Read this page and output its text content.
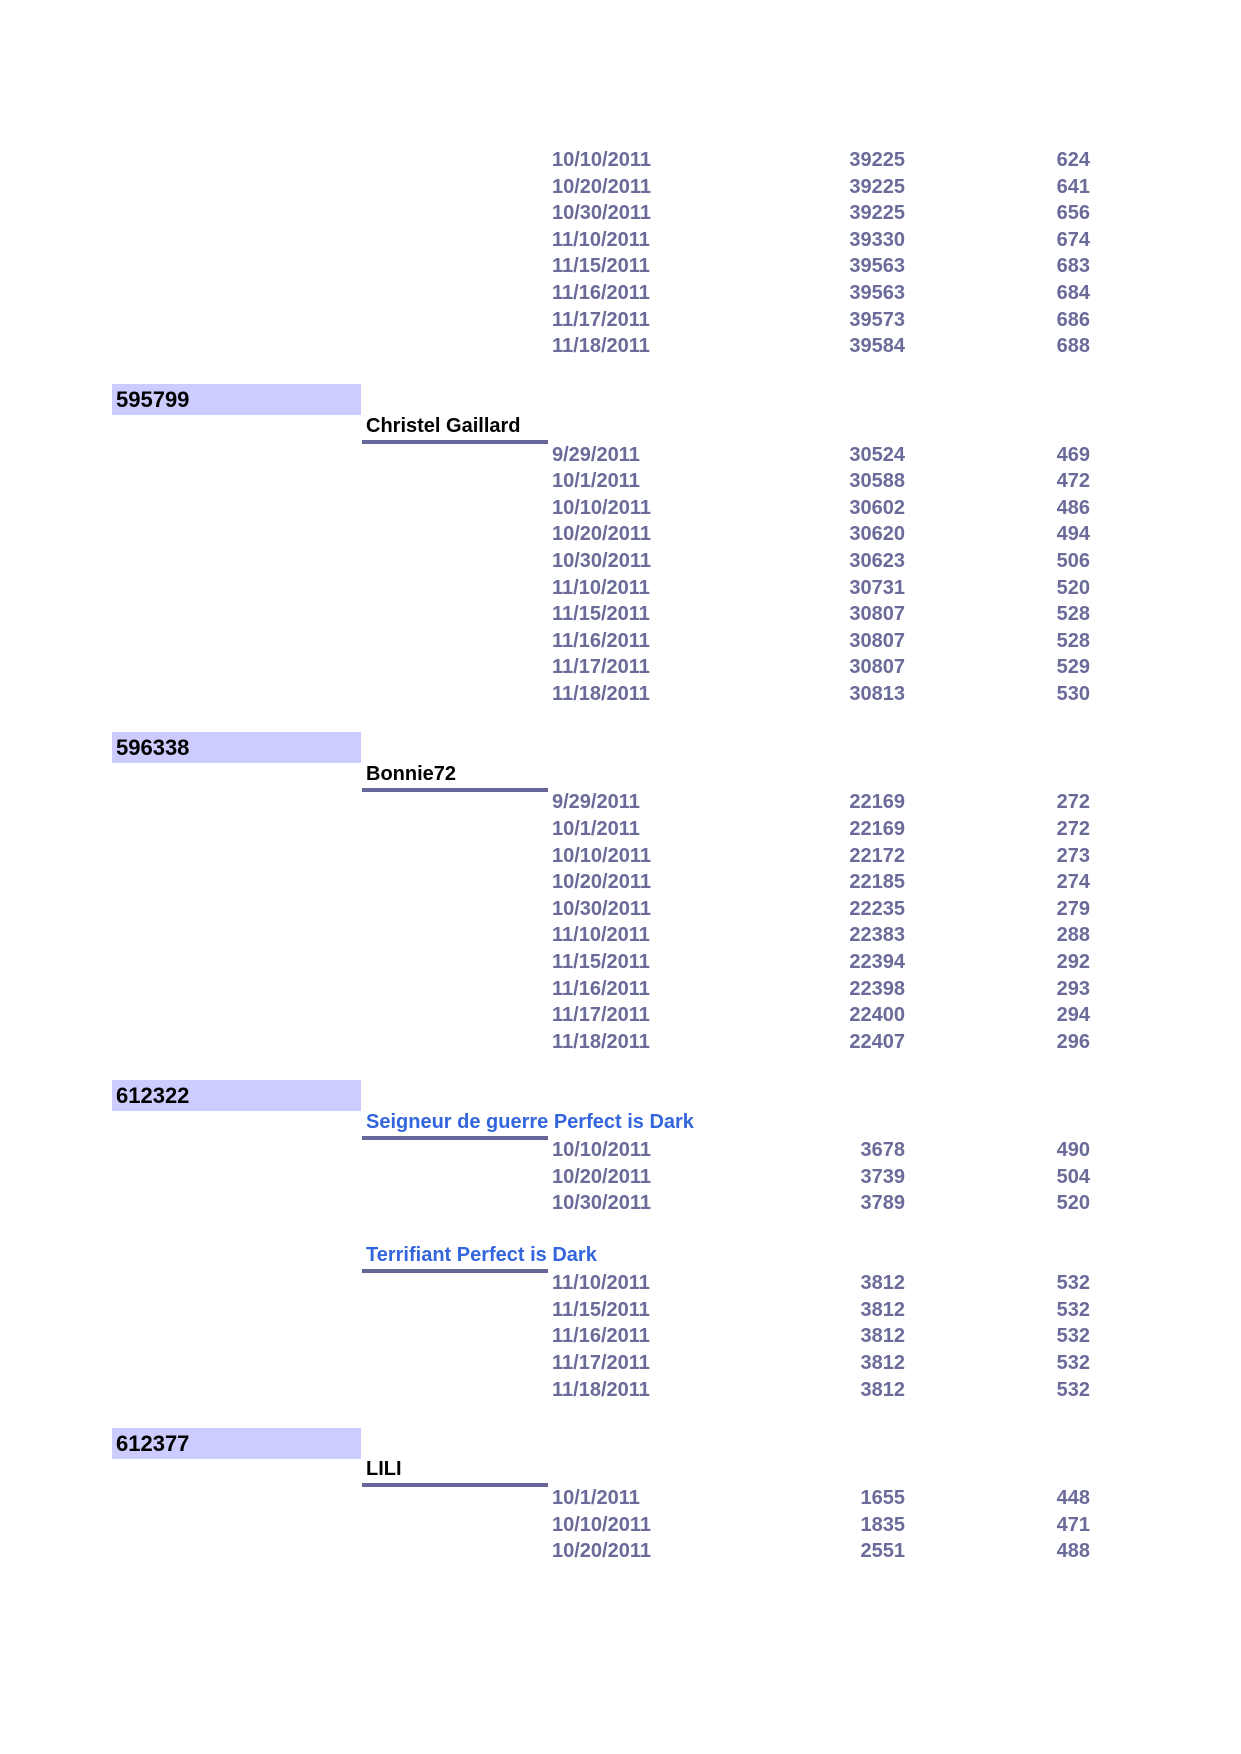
10/10/2011	39225	624
10/20/2011	39225	641
10/30/2011	39225	656
11/10/2011	39330	674
11/15/2011	39563	683
11/16/2011	39563	684
11/17/2011	39573	686
11/18/2011	39584	688
595799
Christel Gaillard
9/29/2011	30524	469
10/1/2011	30588	472
10/10/2011	30602	486
10/20/2011	30620	494
10/30/2011	30623	506
11/10/2011	30731	520
11/15/2011	30807	528
11/16/2011	30807	528
11/17/2011	30807	529
11/18/2011	30813	530
596338
Bonnie72
9/29/2011	22169	272
10/1/2011	22169	272
10/10/2011	22172	273
10/20/2011	22185	274
10/30/2011	22235	279
11/10/2011	22383	288
11/15/2011	22394	292
11/16/2011	22398	293
11/17/2011	22400	294
11/18/2011	22407	296
612322
Seigneur de guerre Perfect is Dark
10/10/2011	3678	490
10/20/2011	3739	504
10/30/2011	3789	520
Terrifiant Perfect is Dark
11/10/2011	3812	532
11/15/2011	3812	532
11/16/2011	3812	532
11/17/2011	3812	532
11/18/2011	3812	532
612377
LILI
10/1/2011	1655	448
10/10/2011	1835	471
10/20/2011	2551	488
